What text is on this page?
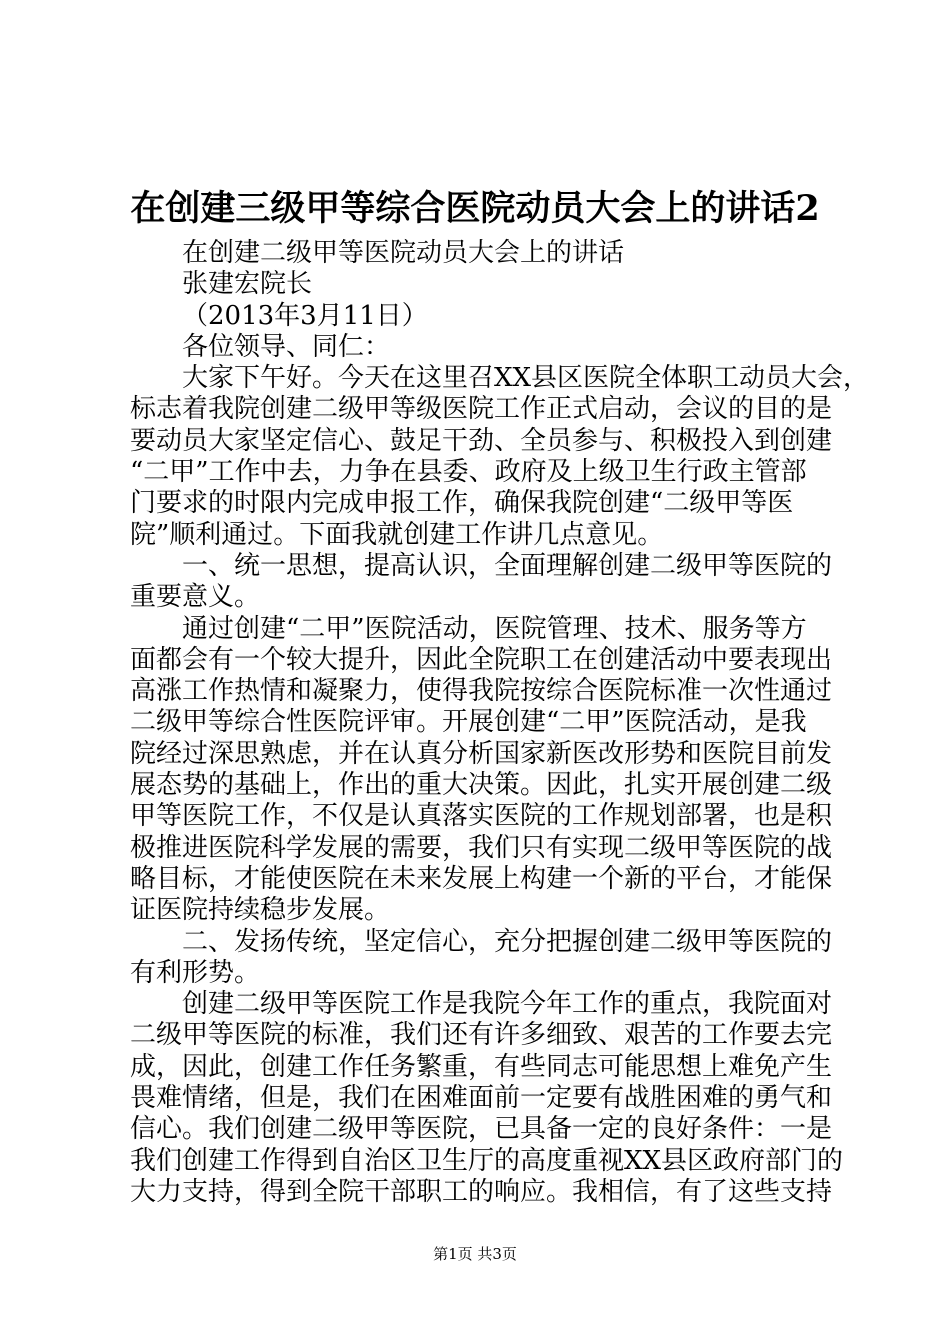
在创建三级甲等综合医院动员大会上的讲话2
在创建二级甲等医院动员大会上的讲话
张建宏院长
（2013年3月11日）
各位领导、同仁：
大家下午好。今天在这里召XX县区医院全体职工动员大会，
标志着我院创建二级甲等级医院工作正式启动，会议的目的是
要动员大家坚定信心、鼓足干劲、全员参与、积极投入到创建
“二甲”工作中去，力争在县委、政府及上级卫生行政主管部
门要求的时限内完成申报工作，确保我院创建“二级甲等医
院”顺利通过。下面我就创建工作讲几点意见。
一、统一思想，提高认识，全面理解创建二级甲等医院的
重要意义。
通过创建“二甲”医院活动，医院管理、技术、服务等方
面都会有一个较大提升，因此全院职工在创建活动中要表现出
高涨工作热情和凝聚力，使得我院按综合医院标准一次性通过
二级甲等综合性医院评审。开展创建“二甲”医院活动，是我
院经过深思熟虑，并在认真分析国家新医改形势和医院目前发
展态势的基础上，作出的重大决策。因此，扎实开展创建二级
甲等医院工作，不仅是认真落实医院的工作规划部署，也是积
极推进医院科学发展的需要，我们只有实现二级甲等医院的战
略目标，才能使医院在未来发展上构建一个新的平台，才能保
证医院持续稳步发展。
二、发扬传统，坚定信心，充分把握创建二级甲等医院的
有利形势。
创建二级甲等医院工作是我院今年工作的重点，我院面对
二级甲等医院的标准，我们还有许多细致、艰苦的工作要去完
成，因此，创建工作任务繁重，有些同志可能思想上难免产生
畏难情绪，但是，我们在困难面前一定要有战胜困难的勇气和
信心。我们创建二级甲等医院，已具备一定的良好条件：一是
我们创建工作得到自治区卫生厅的高度重视XX县区政府部门的
大力支持，得到全院干部职工的响应。我相信，有了这些支持
第1页 共3页
